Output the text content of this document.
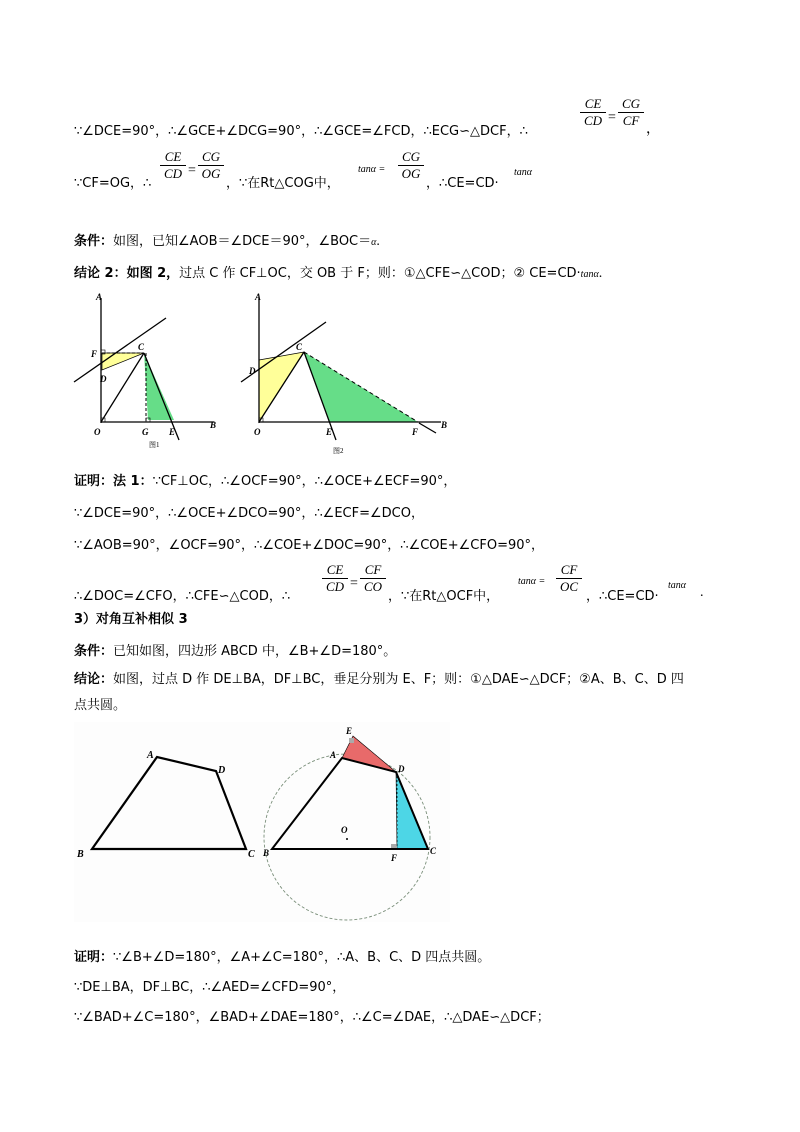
∵∠DCE=90°，∴∠GCE+∠DCG=90°，∴∠GCE=∠FCD，∴ECG∽△DCF，∴
$\frac{CE}{CD} = \frac{CG}{CF}$
，
∵CF=OG，∴
$\frac{CE}{CD} = \frac{CG}{OG}$
，∵在Rt△COG中，
$\tan\alpha = \frac{CG}{OG}$
，∴CE=CD·
tanα
条件：如图，已知∠AOB＝∠DCE＝90°，∠BOC＝α.
结论 2：如图 2，过点 C 作 CF⊥OC，交 OB 于 F；则：①△CFE∽△COD；② CE=CD·tanα.
A
F
C
D
O	G E
B
图1
A
C
D
O	E	F
B
图2
证明：法 1：∵CF⊥OC，∴∠OCF=90°，∴∠OCE+∠ECF=90°，
∵∠DCE=90°，∴∠OCE+∠DCO=90°，∴∠ECF=∠DCO，
∵∠AOB=90°，∠OCF=90°，∴∠COE+∠DOC=90°，∴∠COE+∠CFO=90°，
∴∠DOC=∠CFO，∴CFE∽△COD，∴
$\frac{CE}{CD} = \frac{CF}{CO}$
，∵在Rt△OCF中，
$\tan\alpha = \frac{CF}{OC}$
，∴CE=CD·
tanα .
3）对角互补相似 3
条件：已知如图，四边形 ABCD 中，∠B+∠D=180°。
结论：如图，过点 D 作 DE⊥BA，DF⊥BC，垂足分别为 E、F；则：①△DAE∽△DCF；②A、B、C、D 四
点共圆。
A
D
B	C
E
A
D
O
B	F
C
证明：∵∠B+∠D=180°，∠A+∠C=180°，∴A、B、C、D 四点共圆。
∵DE⊥BA，DF⊥BC，∴∠AED=∠CFD=90°，
∵∠BAD+∠C=180°，∠BAD+∠DAE=180°，∴∠C=∠DAE，∴△DAE∽△DCF；
